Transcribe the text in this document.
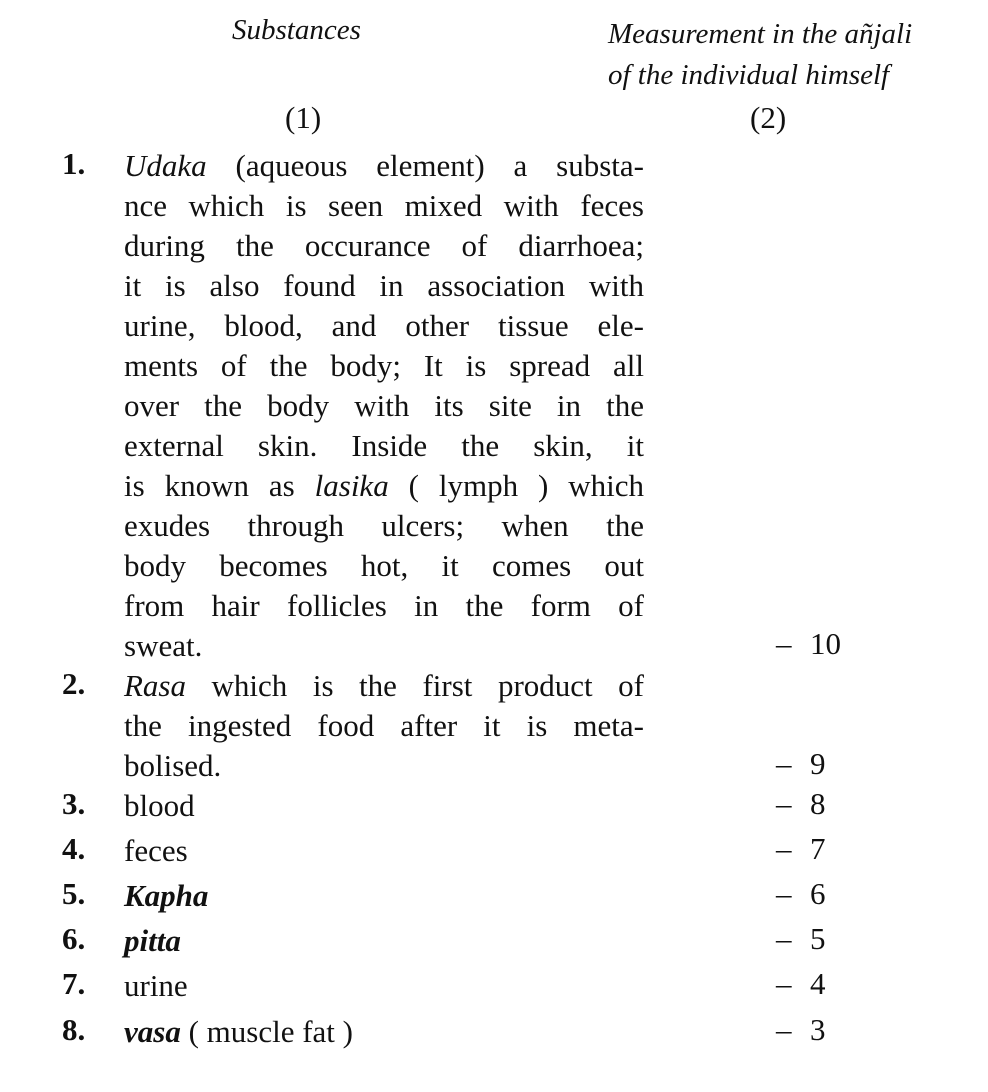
Substances	Measurement in the añjali
of the individual himself
(1)	(2)
1. Udaka (aqueous element) a substa-
nce which is seen mixed with feces
during the occurance of diarrhoea;
it is also found in association with
urine, blood, and other tissue ele-
ments of the body; It is spread all
over the body with its site in the
external skin. Inside the skin, it
is known as lasika ( lymph ) which
exudes through ulcers; when the
body becomes hot, it comes out
from hair follicles in the form of
sweat.	– 10
2. Rasa which is the first product of
the ingested food after it is meta-
bolised.	– 9
3. blood	– 8
4. feces	– 7
5. Kapha	– 6
6. pitta	– 5
7. urine	– 4
8. vasa ( muscle fat )	– 3
